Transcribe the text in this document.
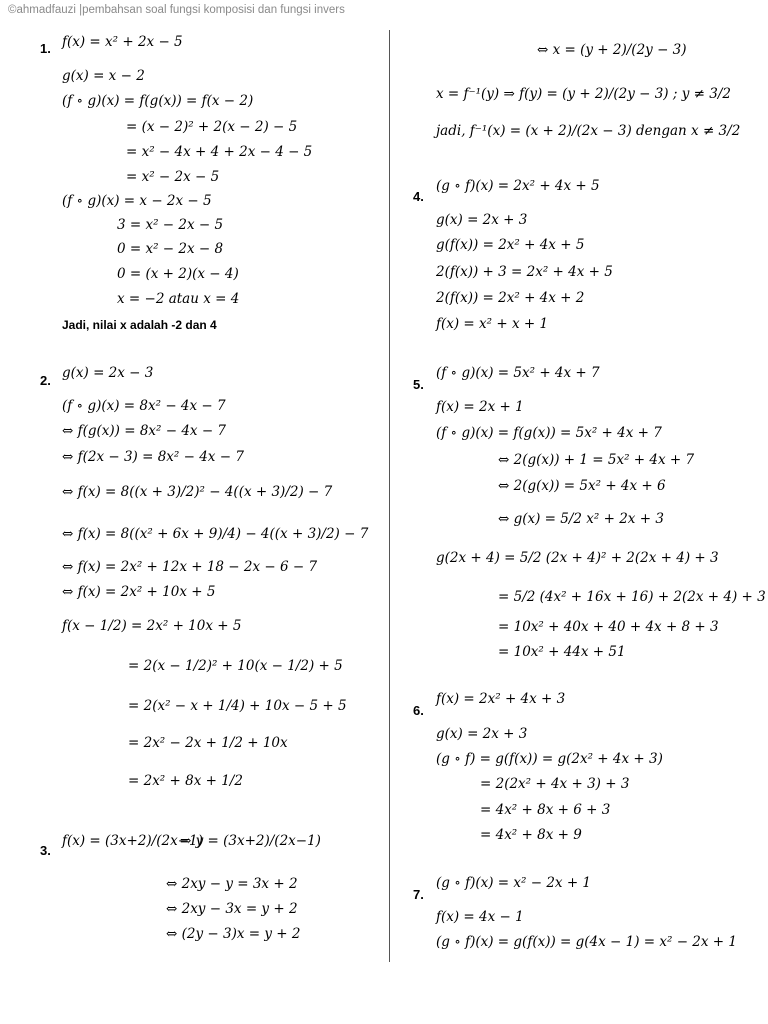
©ahmadfauzi |pembahsan soal fungsi komposisi dan fungsi invers
1. f(x) = x² + 2x − 5
g(x) = x − 2
(f ∘ g)(x) = f(g(x)) = f(x − 2)
= (x − 2)² + 2(x − 2) − 5
= x² − 4x + 4 + 2x − 4 − 5
= x² − 2x − 5
(f ∘ g)(x) = x − 2x − 5
3 = x² − 2x − 5
0 = x² − 2x − 8
0 = (x + 2)(x − 4)
x = −2 atau x = 4
Jadi, nilai x adalah -2 dan 4
2. g(x) = 2x − 3
(f ∘ g)(x) = 8x² − 4x − 7
⇔ f(g(x)) = 8x² − 4x − 7
⇔ f(2x − 3) = 8x² − 4x − 7
⇔ f(x) = 8((x + 3)/2)² − 4((x + 3)/2) − 7
⇔ f(x) = 8((x² + 6x + 9)/4) − 4((x + 3)/2) − 7
⇔ f(x) = 2x² + 12x + 18 − 2x − 6 − 7
⇔ f(x) = 2x² + 10x + 5
f(x − 1/2) = 2x² + 10x + 5
= 2(x − 1/2)² + 10(x − 1/2) + 5
= 2(x² − x + 1/4) + 10x − 5 + 5
= 2x² − 2x + 1/2 + 10x
= 2x² + 8x + 1/2
3.
f(x) = (3x+2)/(2x−1)
⇒ y = (3x+2)/(2x−1)
⇔ 2xy − y = 3x + 2
⇔ 2xy − 3x = y + 2
⇔ (2y − 3)x = y + 2
⇔ x = (y + 2)/(2y − 3)
x = f⁻¹(y) ⇒ f(y) = (y + 2)/(2y − 3) ; y ≠ 3/2
jadi, f⁻¹(x) = (x + 2)/(2x − 3) dengan x ≠ 3/2
4.
(g ∘ f)(x) = 2x² + 4x + 5
g(x) = 2x + 3
g(f(x)) = 2x² + 4x + 5
2(f(x)) + 3 = 2x² + 4x + 5
2(f(x)) = 2x² + 4x + 2
f(x) = x² + x + 1
5.
(f ∘ g)(x) = 5x² + 4x + 7
f(x) = 2x + 1
(f ∘ g)(x) = f(g(x)) = 5x² + 4x + 7
⇔ 2(g(x)) + 1 = 5x² + 4x + 7
⇔ 2(g(x)) = 5x² + 4x + 6
⇔ g(x) = 5/2 x² + 2x + 3
g(2x + 4) = 5/2 (2x + 4)² + 2(2x + 4) + 3
= 5/2 (4x² + 16x + 16) + 2(2x + 4) + 3
= 10x² + 40x + 40 + 4x + 8 + 3
= 10x² + 44x + 51
6.
f(x) = 2x² + 4x + 3
g(x) = 2x + 3
(g ∘ f) = g(f(x)) = g(2x² + 4x + 3)
= 2(2x² + 4x + 3) + 3
= 4x² + 8x + 6 + 3
= 4x² + 8x + 9
7.
(g ∘ f)(x) = x² − 2x + 1
f(x) = 4x − 1
(g ∘ f)(x) = g(f(x)) = g(4x − 1) = x² − 2x + 1
